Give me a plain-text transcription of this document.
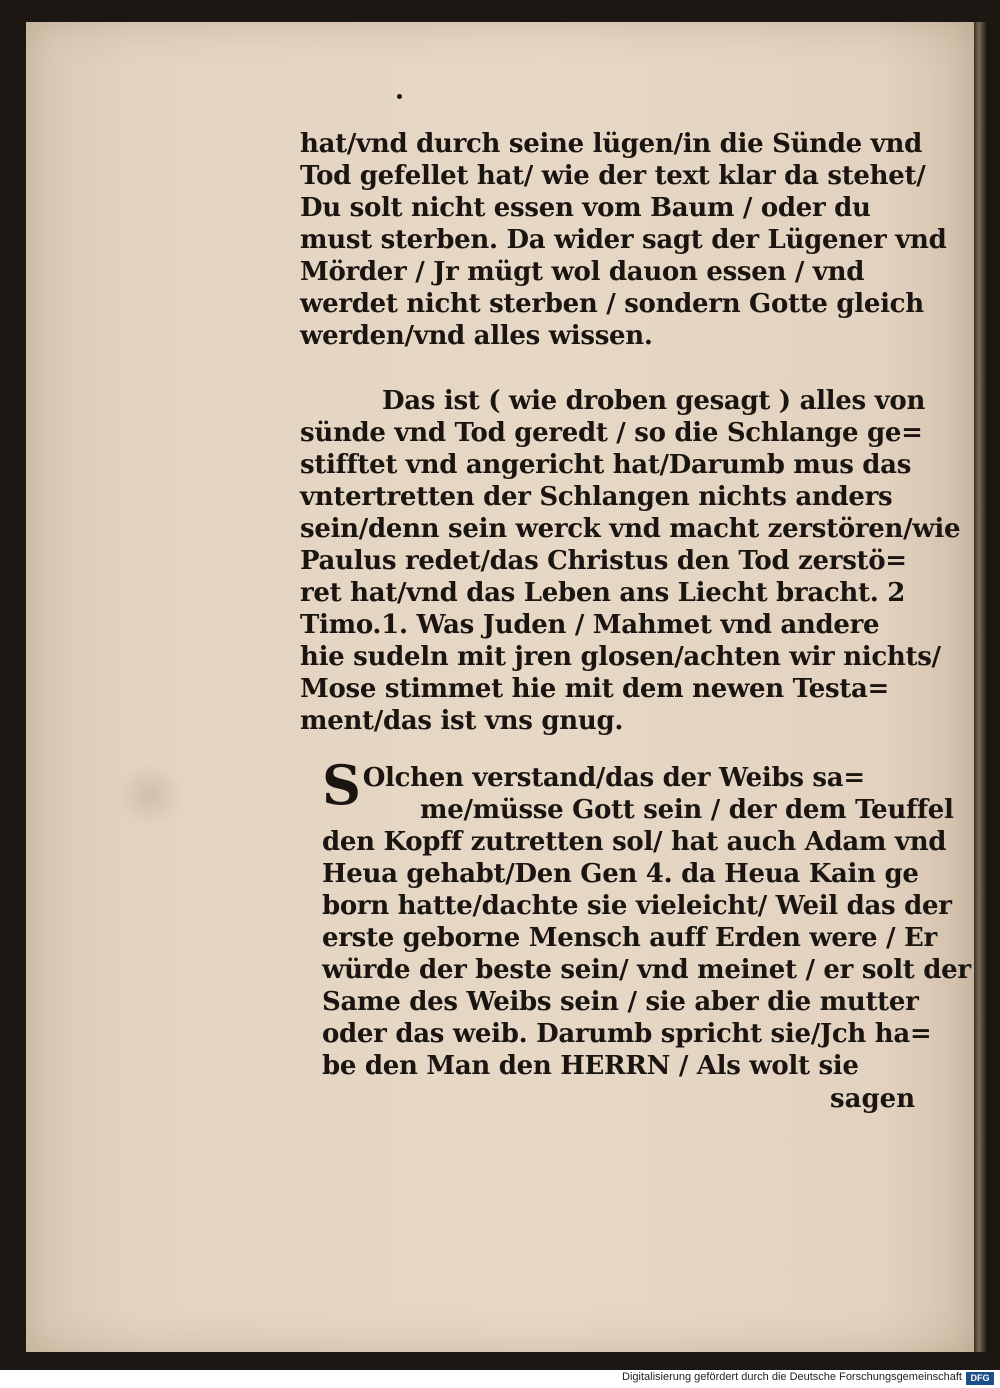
hat/vnd durch seine lügen/in die Sünde vnd
Tod gefellet hat/ wie der text klar da stehet/
Du solt nicht essen vom Baum / oder du
must sterben. Da wider sagt der Lügener vnd
Mörder / Jr mügt wol dauon essen / vnd
werdet nicht sterben / sondern Gotte gleich
werden/vnd alles wissen.
Das ist ( wie droben gesagt ) alles von
sünde vnd Tod geredt / so die Schlange ge=
stifftet vnd angericht hat/Darumb mus das
vntertretten der Schlangen nichts anders
sein/denn sein werck vnd macht zerstören/wie
Paulus redet/das Christus den Tod zerstö=
ret hat/vnd das Leben ans Liecht bracht. 2
Timo.1. Was Juden / Mahmet vnd andere
hie sudeln mit jren glosen/achten wir nichts/
Mose stimmet hie mit dem newen Testa=
ment/das ist vns gnug.
S Olchen verstand/das der Weibs sa=
me/müsse Gott sein / der dem Teuffel
den Kopff zutretten sol/ hat auch Adam vnd
Heua gehabt/Den Gen 4. da Heua Kain ge
born hatte/dachte sie vieleicht/ Weil das der
erste geborne Mensch auff Erden were / Er
würde der beste sein/ vnd meinet / er solt der
Same des Weibs sein / sie aber die mutter
oder das weib. Darumb spricht sie/Jch ha=
be den Man den HERRN / Als wolt sie
sagen
Digitalisierung gefördert durch die Deutsche Forschungsgemeinschaft DFG
